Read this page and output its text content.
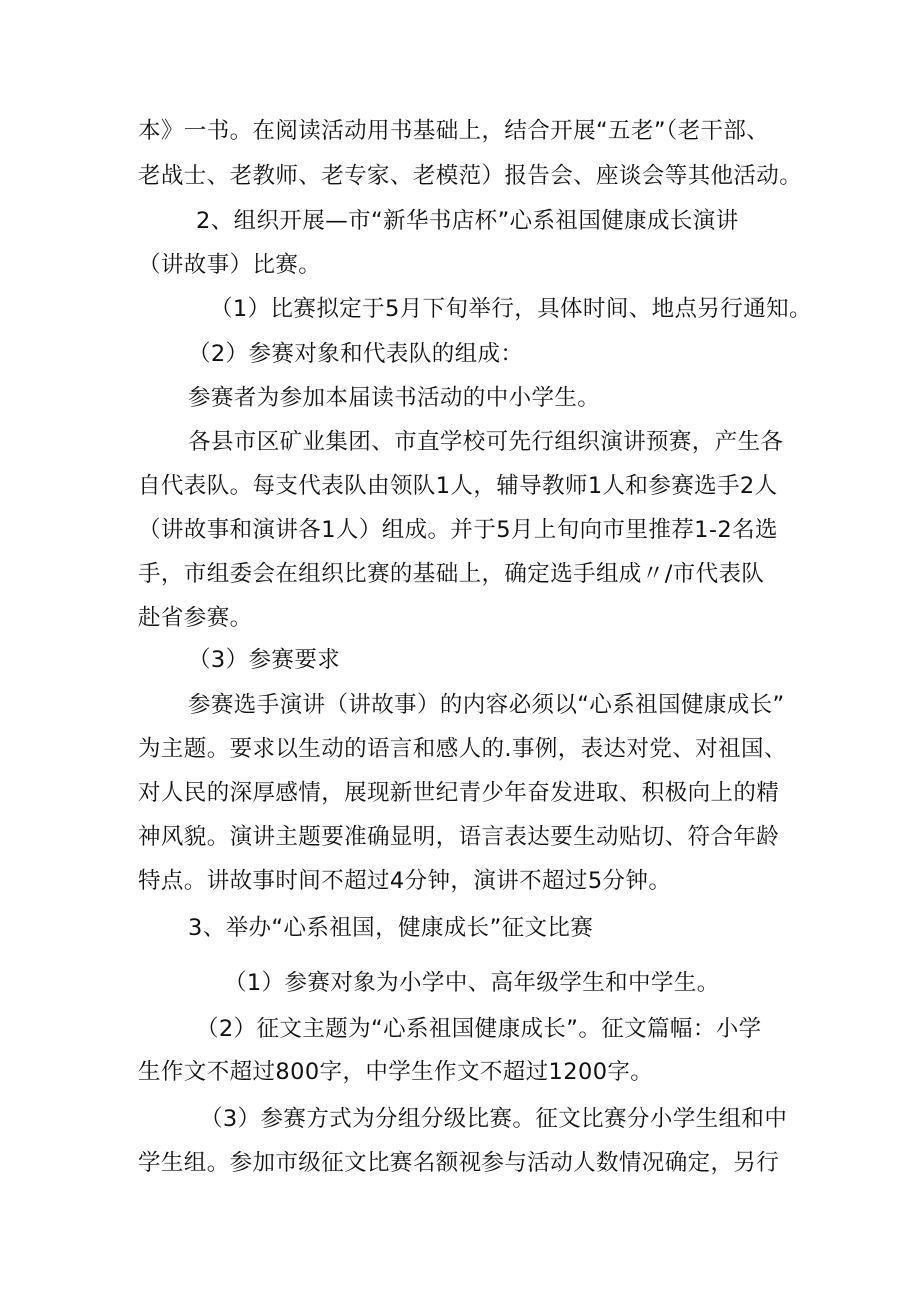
本》一书。在阅读活动用书基础上，结合开展“五老”（老干部、
老战士、老教师、老专家、老模范）报告会、座谈会等其他活动。
2、组织开展—市“新华书店杯”心系祖国健康成长演讲
（讲故事）比赛。
（1）比赛拟定于5月下旬举行，具体时间、地点另行通知。
（2）参赛对象和代表队的组成：
参赛者为参加本届读书活动的中小学生。
各县市区矿业集团、市直学校可先行组织演讲预赛，产生各
自代表队。每支代表队由领队1人，辅导教师1人和参赛选手2人
（讲故事和演讲各1人）组成。并于5月上旬向市里推荐1-2名选
手，市组委会在组织比赛的基础上，确定选手组成〃/市代表队
赴省参赛。
（3）参赛要求
参赛选手演讲（讲故事）的内容必须以“心系祖国健康成长”
为主题。要求以生动的语言和感人的.事例，表达对党、对祖国、
对人民的深厚感情，展现新世纪青少年奋发进取、积极向上的精
神风貌。演讲主题要准确显明，语言表达要生动贴切、符合年龄
特点。讲故事时间不超过4分钟，演讲不超过5分钟。
3、举办“心系祖国，健康成长”征文比赛
（1）参赛对象为小学中、高年级学生和中学生。
（2）征文主题为“心系祖国健康成长”。征文篇幅：小学
生作文不超过800字，中学生作文不超过1200字。
（3）参赛方式为分组分级比赛。征文比赛分小学生组和中
学生组。参加市级征文比赛名额视参与活动人数情况确定，另行
